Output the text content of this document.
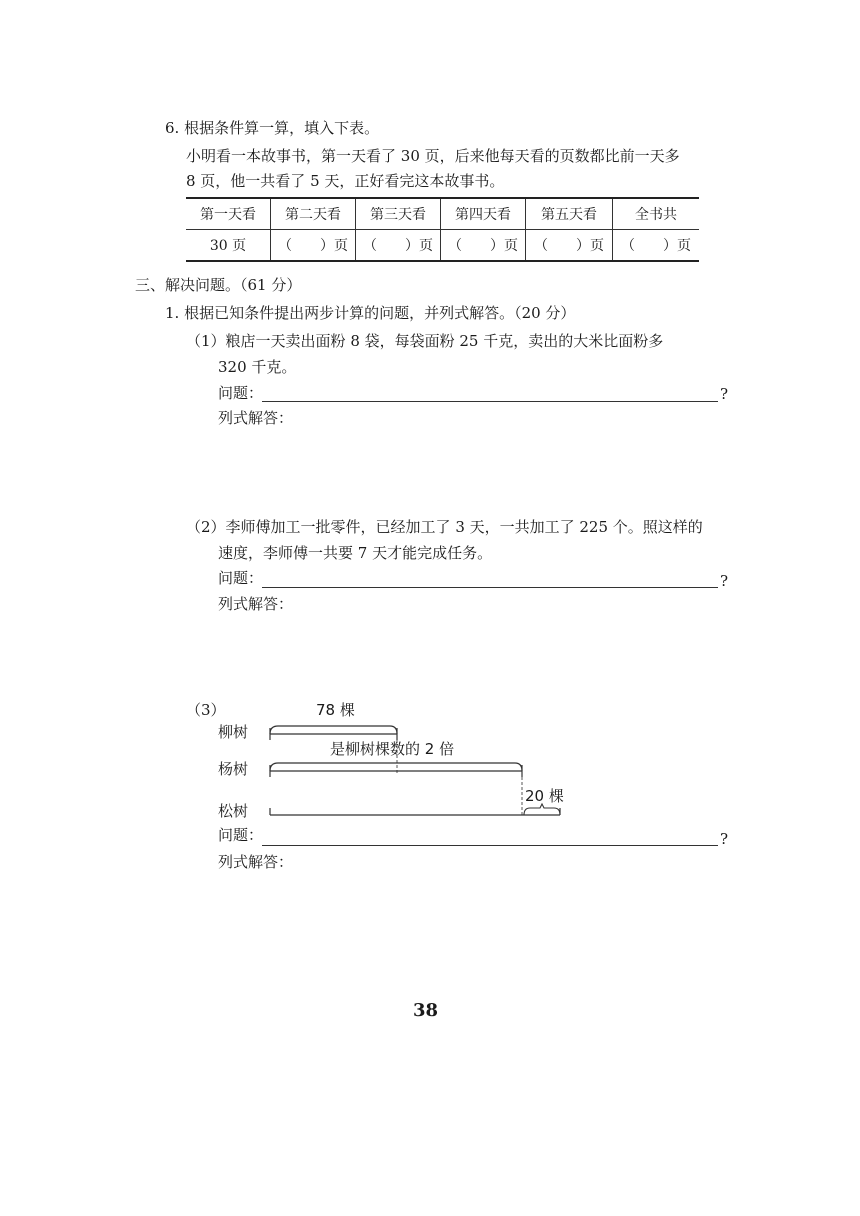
6. 根据条件算一算，填入下表。
小明看一本故事书，第一天看了 30 页，后来他每天看的页数都比前一天多
8 页，他一共看了 5 天，正好看完这本故事书。
第一天看	第二天看	第三天看	第四天看	第五天看	全书共
30 页	（　　）页	（　　）页	（　　）页	（　　）页	（　　）页
三、解决问题。（61 分）
1. 根据已知条件提出两步计算的问题，并列式解答。（20 分）
（1）粮店一天卖出面粉 8 袋，每袋面粉 25 千克，卖出的大米比面粉多
320 千克。
问题：	?
列式解答：
（2）李师傅加工一批零件，已经加工了 3 天，一共加工了 225 个。照这样的
速度，李师傅一共要 7 天才能完成任务。
问题：	?
列式解答：
（3）	78 棵
柳树
是柳树棵数的 2 倍
杨树
20 棵
松树
问题：	?
列式解答：
38
